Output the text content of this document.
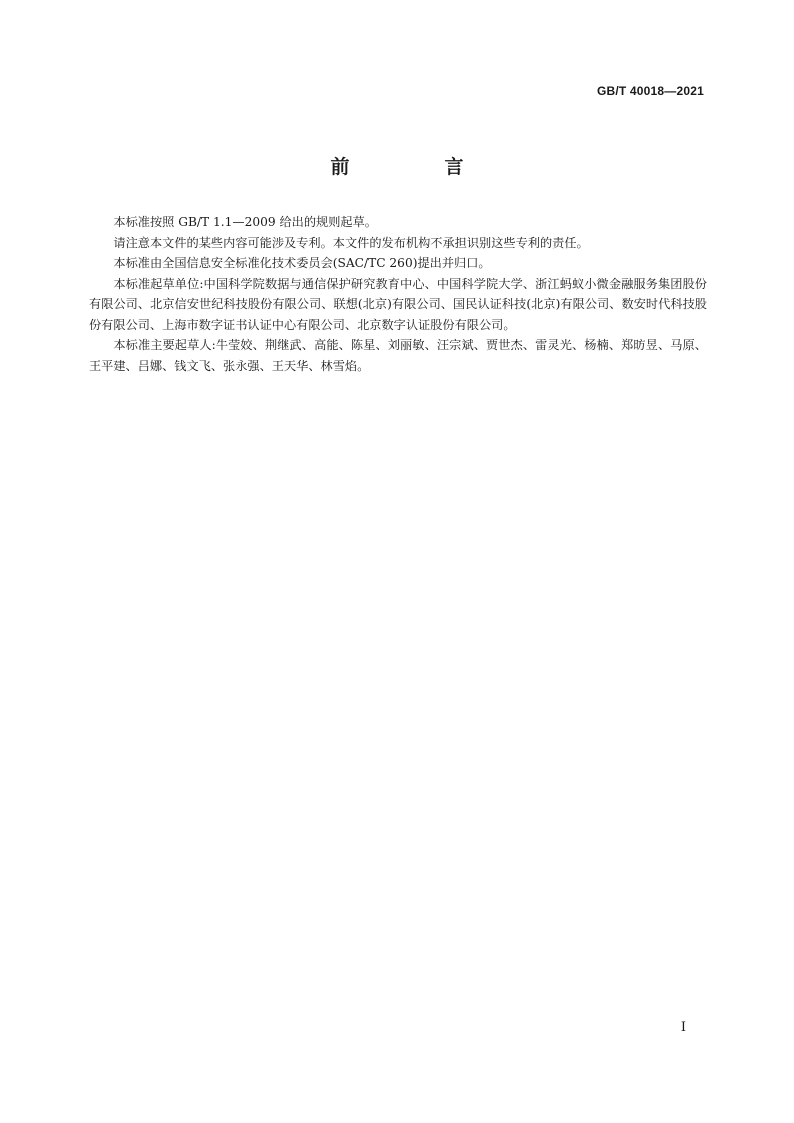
GB/T 40018—2021
前　言

本标准按照 GB/T 1.1—2009 给出的规则起草。

请注意本文件的某些内容可能涉及专利。本文件的发布机构不承担识别这些专利的责任。

本标准由全国信息安全标准化技术委员会(SAC/TC 260)提出并归口。

本标准起草单位:中国科学院数据与通信保护研究教育中心、中国科学院大学、浙江蚂蚁小微金融服务集团股份有限公司、北京信安世纪科技股份有限公司、联想(北京)有限公司、国民认证科技(北京)有限公司、数安时代科技股份有限公司、上海市数字证书认证中心有限公司、北京数字认证股份有限公司。

本标准主要起草人:牛莹姣、荆继武、高能、陈星、刘丽敏、汪宗斌、贾世杰、雷灵光、杨楠、郑昉昱、马原、王平建、吕娜、钱文飞、张永强、王天华、林雪焰。

I
